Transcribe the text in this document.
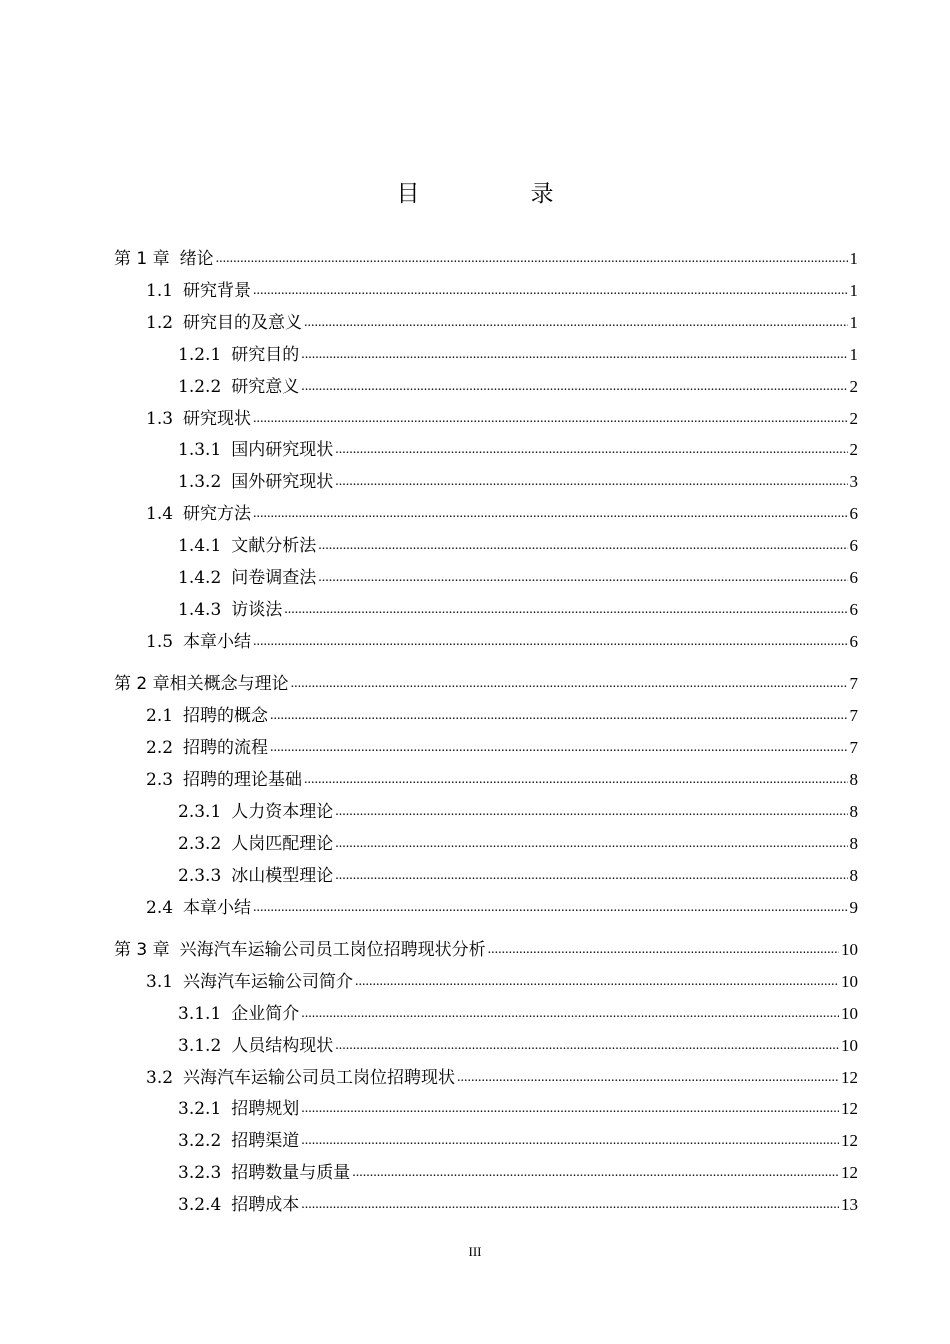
目　录
第 1 章 绪论 .....	1
1.1 研究背景 .....	1
1.2 研究目的及意义 .....	1
1.2.1 研究目的 .....	1
1.2.2 研究意义 .....	2
1.3 研究现状 .....	2
1.3.1 国内研究现状 .....	2
1.3.2 国外研究现状 .....	3
1.4 研究方法 .....	6
1.4.1 文献分析法 .....	6
1.4.2 问卷调查法 .....	6
1.4.3 访谈法 .....	6
1.5 本章小结 .....	6
第 2 章相关概念与理论 .....	7
2.1 招聘的概念 .....	7
2.2 招聘的流程 .....	7
2.3 招聘的理论基础 .....	8
2.3.1 人力资本理论 .....	8
2.3.2 人岗匹配理论 .....	8
2.3.3 冰山模型理论 .....	8
2.4 本章小结 .....	9
第 3 章 兴海汽车运输公司员工岗位招聘现状分析 .....	10
3.1 兴海汽车运输公司简介 .....	10
3.1.1 企业简介 .....	10
3.1.2 人员结构现状 .....	10
3.2 兴海汽车运输公司员工岗位招聘现状 .....	12
3.2.1 招聘规划 .....	12
3.2.2 招聘渠道 .....	12
3.2.3 招聘数量与质量 .....	12
3.2.4 招聘成本 .....	13
III
